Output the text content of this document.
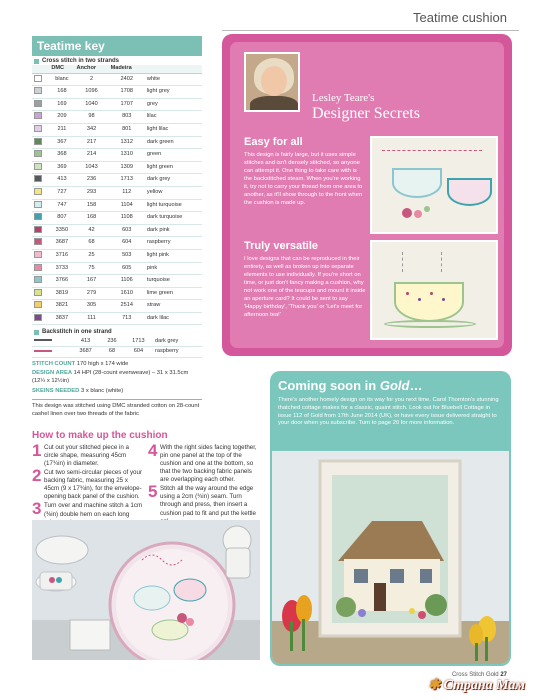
Teatime cushion
Teatime key
Cross stitch in two strands
	DMC	Anchor	Madeira	
	blanc	2	2402	white
	168	1096	1708	light grey
	169	1040	1707	grey
	209	98	803	lilac
	211	342	801	light lilac
	367	217	1312	dark green
	368	214	1310	green
	369	1043	1309	light green
	413	236	1713	dark grey
	727	293	112	yellow
	747	158	1104	light turquoise
	807	168	1108	dark turquoise
	3350	42	603	dark pink
	3687	68	604	raspberry
	3716	25	503	light pink
	3733	75	605	pink
	3766	167	1106	turquoise
	3819	279	1610	lime green
	3821	305	2514	straw
	3837	111	713	dark lilac
Backstitch in one strand
	413	236	1713	dark grey
	3687	68	604	raspberry
STITCH COUNT 170 high x 174 wide
DESIGN AREA 14 HPI (28-count evenweave) – 31 x 31.5cm (12¼ x 12½in)
SKEINS NEEDED 3 x blanc (white)
This design was stitched using DMC stranded cotton on 28-count cashel linen over two threads of the fabric
Lesley Teare's
Designer Secrets
Easy for all
This design is fairly large, but it uses simple stitches and isn't densely stitched, so anyone can attempt it. One thing to take care with is the backstitched steam. When you're working it, try not to carry your thread from one area to another, as it'll show through to the front when the cushion is made up.
Truly versatile
I love designs that can be reproduced in their entirety, as well as broken up into separate elements to use individually. If you're short on time, or just don't fancy making a cushion, why not work one of the teacups and mount it inside an aperture card? It could be sent to say 'Happy birthday', 'Thank you' or 'Let's meet for afternoon tea!'
How to make up the cushion
1 Cut out your stitched piece in a circle shape, measuring 45cm (17¾in) in diameter.
2 Cut two semi-circular pieces of your backing fabric, measuring 25 x 45cm (9 x 17¾in), for the envelope-opening back panel of the cushion.
3 Turn over and machine stitch a 1cm (⅜in) double hem on each long
4 With the right sides facing together, pin one panel at the top of the cushion and one at the bottom, so that the two backing fabric panels are overlapping each other.
5 Stitch all the way around the edge using a 2cm (¾in) seam. Turn through and press, then insert a cushion pad to fit and put the kettle
Coming soon in Gold…
There's another homely design on its way for you next time. Carol Thornton's stunning thatched cottage makes for a classic, quaint stitch. Look out for Bluebell Cottage in issue 112 of Gold from 17th June 2014 (UK), or have every issue delivered straight to your door when you subscribe. Turn to page 20 for more information.
Cross Stitch Gold 27
✱ Страна Мам
